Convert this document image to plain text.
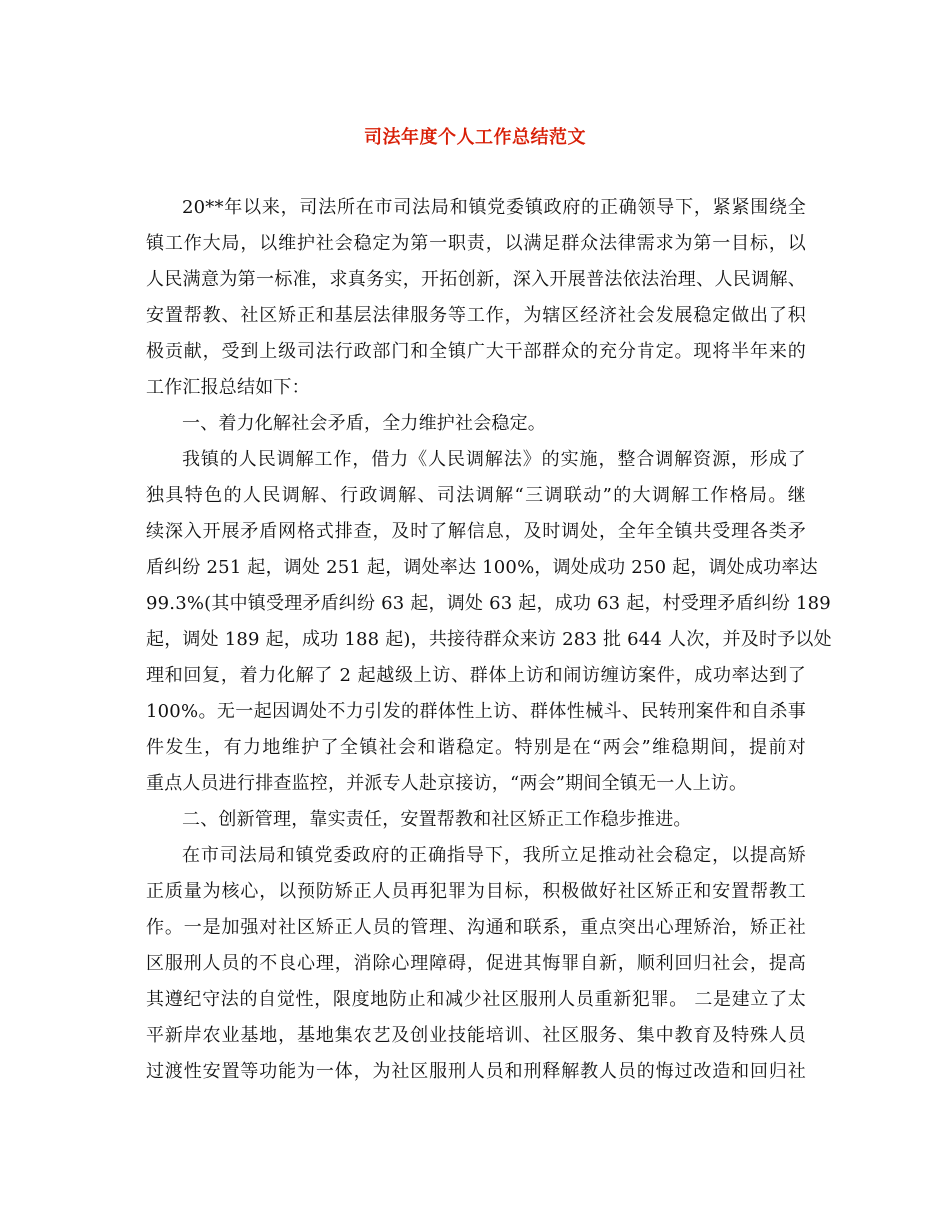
司法年度个人工作总结范文
20**年以来，司法所在市司法局和镇党委镇政府的正确领导下，紧紧围绕全
镇工作大局，以维护社会稳定为第一职责，以满足群众法律需求为第一目标，以
人民满意为第一标准，求真务实，开拓创新，深入开展普法依法治理、人民调解、
安置帮教、社区矫正和基层法律服务等工作，为辖区经济社会发展稳定做出了积
极贡献，受到上级司法行政部门和全镇广大干部群众的充分肯定。现将半年来的
工作汇报总结如下：
一、着力化解社会矛盾，全力维护社会稳定。
我镇的人民调解工作，借力《人民调解法》的实施，整合调解资源，形成了
独具特色的人民调解、行政调解、司法调解“三调联动”的大调解工作格局。继
续深入开展矛盾网格式排查，及时了解信息，及时调处，全年全镇共受理各类矛
盾纠纷 251 起，调处 251 起，调处率达 100%，调处成功 250 起，调处成功率达
99.3%(其中镇受理矛盾纠纷 63 起，调处 63 起，成功 63 起，村受理矛盾纠纷 189
起，调处 189 起，成功 188 起)，共接待群众来访 283 批 644 人次，并及时予以处
理和回复，着力化解了 2 起越级上访、群体上访和闹访缠访案件，成功率达到了
100%。无一起因调处不力引发的群体性上访、群体性械斗、民转刑案件和自杀事
件发生，有力地维护了全镇社会和谐稳定。特别是在“两会”维稳期间，提前对
重点人员进行排查监控，并派专人赴京接访，“两会”期间全镇无一人上访。
二、创新管理，靠实责任，安置帮教和社区矫正工作稳步推进。
在市司法局和镇党委政府的正确指导下，我所立足推动社会稳定，以提高矫
正质量为核心，以预防矫正人员再犯罪为目标，积极做好社区矫正和安置帮教工
作。一是加强对社区矫正人员的管理、沟通和联系，重点突出心理矫治，矫正社
区服刑人员的不良心理，消除心理障碍，促进其悔罪自新，顺利回归社会，提高
其遵纪守法的自觉性，限度地防止和减少社区服刑人员重新犯罪。 二是建立了太
平新岸农业基地，基地集农艺及创业技能培训、社区服务、集中教育及特殊人员
过渡性安置等功能为一体，为社区服刑人员和刑释解教人员的悔过改造和回归社
